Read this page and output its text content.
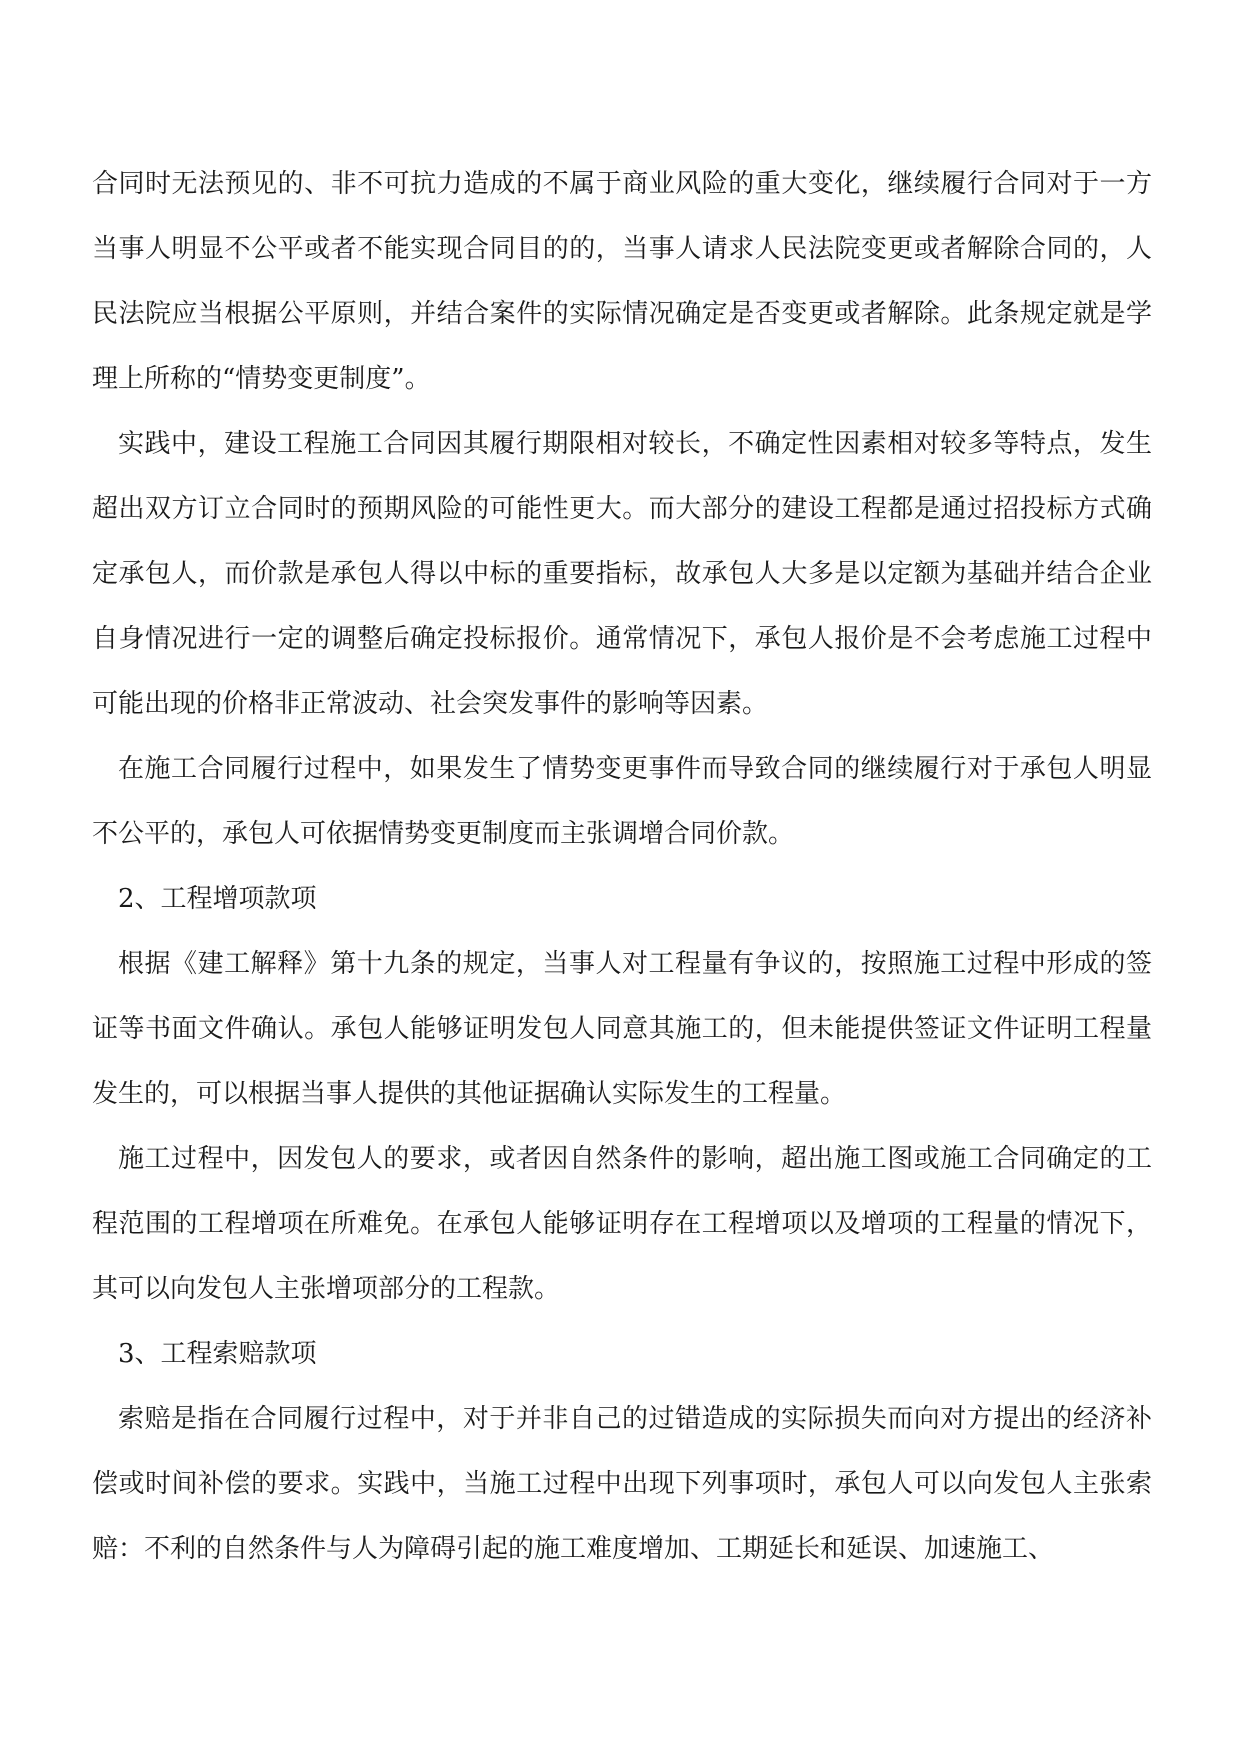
合同时无法预见的、非不可抗力造成的不属于商业风险的重大变化，继续履行合同对于一方当事人明显不公平或者不能实现合同目的的，当事人请求人民法院变更或者解除合同的，人民法院应当根据公平原则，并结合案件的实际情况确定是否变更或者解除。此条规定就是学理上所称的“情势变更制度”。

实践中，建设工程施工合同因其履行期限相对较长，不确定性因素相对较多等特点，发生超出双方订立合同时的预期风险的可能性更大。而大部分的建设工程都是通过招投标方式确定承包人，而价款是承包人得以中标的重要指标，故承包人大多是以定额为基础并结合企业自身情况进行一定的调整后确定投标报价。通常情况下，承包人报价是不会考虑施工过程中可能出现的价格非正常波动、社会突发事件的影响等因素。

在施工合同履行过程中，如果发生了情势变更事件而导致合同的继续履行对于承包人明显不公平的，承包人可依据情势变更制度而主张调增合同价款。

2、工程增项款项

根据《建工解释》第十九条的规定，当事人对工程量有争议的，按照施工过程中形成的签证等书面文件确认。承包人能够证明发包人同意其施工的，但未能提供签证文件证明工程量发生的，可以根据当事人提供的其他证据确认实际发生的工程量。

施工过程中，因发包人的要求，或者因自然条件的影响，超出施工图或施工合同确定的工程范围的工程增项在所难免。在承包人能够证明存在工程增项以及增项的工程量的情况下，其可以向发包人主张增项部分的工程款。

3、工程索赔款项

索赔是指在合同履行过程中，对于并非自己的过错造成的实际损失而向对方提出的经济补偿或时间补偿的要求。实践中，当施工过程中出现下列事项时，承包人可以向发包人主张索赔：不利的自然条件与人为障碍引起的施工难度增加、工期延长和延误、加速施工、
